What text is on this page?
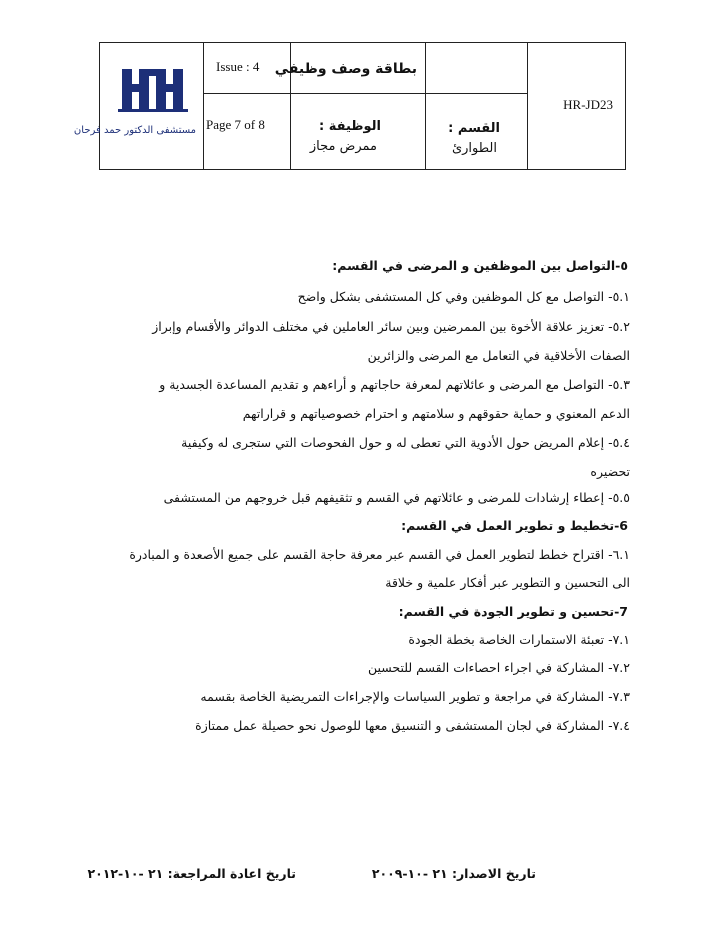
مستشفى الدكتور حمد فرحان
Issue : 4 بطاقة وصف وظيفي
HR-JD23
Page 7 of 8	الوظيفة :
ممرض مجاز
القسم :
الطوارئ
٥-التواصل بين الموظفين و المرضى في القسم:
٥.١- التواصل مع كل الموظفين وفي كل المستشفى بشكل واضح
٥.٢- تعزيز علاقة الأخوة بين الممرضين وبين سائر العاملين في مختلف الدوائر والأقسام وإبراز
الصفات الأخلاقية في التعامل مع المرضى والزائرين
٥.٣- التواصل مع المرضى و عائلاتهم لمعرفة حاجاتهم و أراءهم و تقديم المساعدة الجسدية و
الدعم المعنوي و حماية حقوقهم و سلامتهم و احترام خصوصياتهم و قراراتهم
٥.٤- إعلام المريض حول الأدوية التي تعطى له و حول الفحوصات التي ستجرى له وكيفية
تحضيره
٥.٥- إعطاء إرشادات للمرضى و عائلاتهم في القسم و تثقيفهم قبل خروجهم من المستشفى
6-تخطيط و تطوير العمل في القسم:
٦.١- اقتراح خطط لتطوير العمل في القسم عبر معرفة حاجة القسم على جميع الأصعدة و المبادرة
الى التحسين و التطوير عبر أفكار علمية و خلاقة
7-تحسين و تطوير الجودة في القسم:
٧.١- تعبئة الاستمارات الخاصة بخطة الجودة
٧.٢- المشاركة في اجراء احصاءات القسم للتحسين
٧.٣- المشاركة في مراجعة و تطوير السياسات والإجراءات التمريضية الخاصة بقسمه
٧.٤- المشاركة في لجان المستشفى و التنسيق معها للوصول نحو حصيلة عمل ممتازة
تاريخ الاصدار: ٢١ -١٠-٢٠٠٩
تاريخ اعادة المراجعة: ٢١ -١٠-٢٠١٢
